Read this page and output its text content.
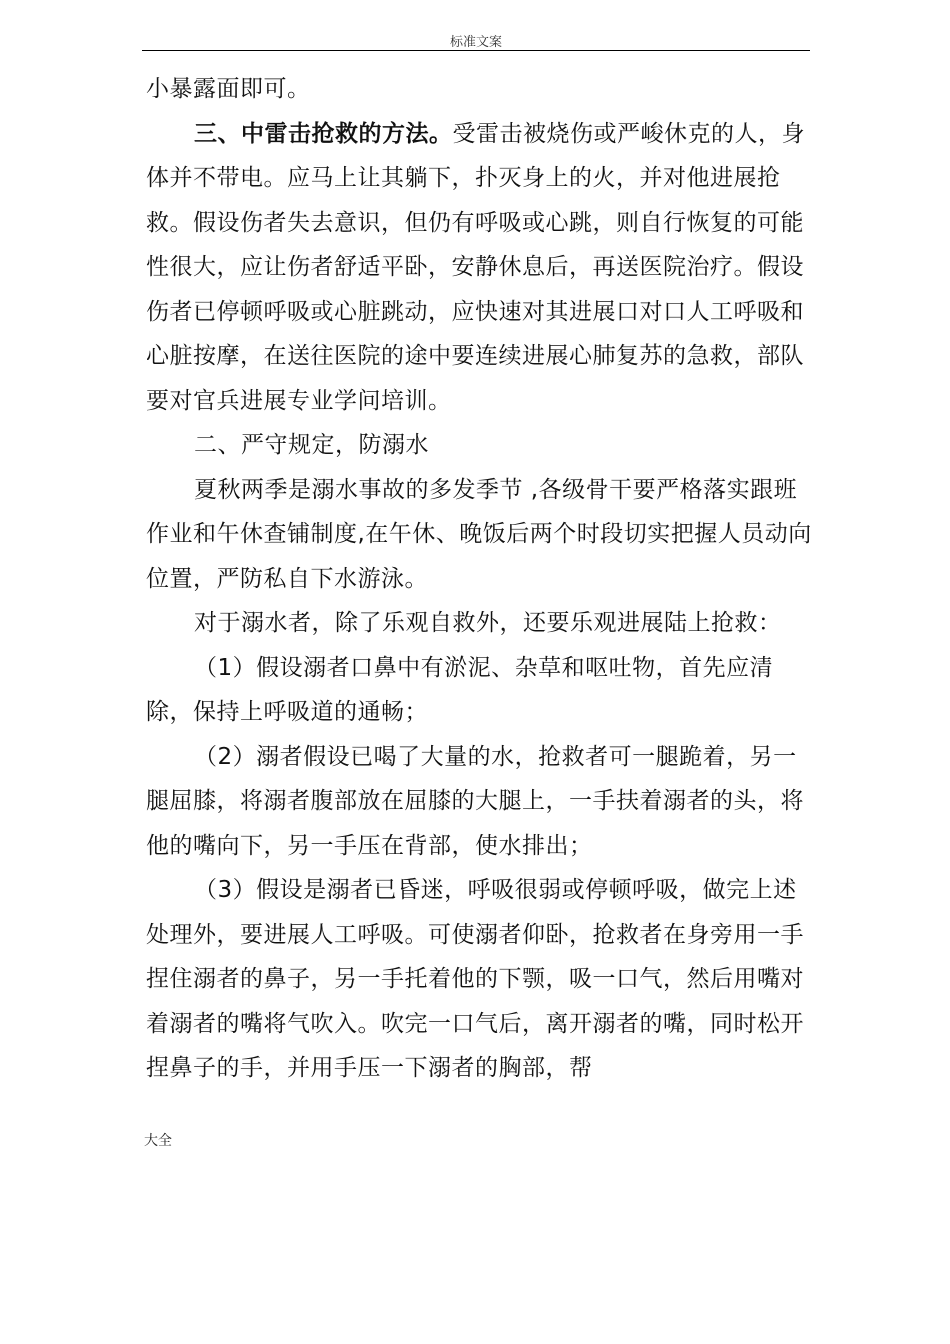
标准文案

小暴露面即可。

三、中雷击抢救的方法。受雷击被烧伤或严峻休克的人，身体并不带电。应马上让其躺下，扑灭身上的火，并对他进展抢救。假设伤者失去意识，但仍有呼吸或心跳，则自行恢复的可能性很大，应让伤者舒适平卧，安静休息后，再送医院治疗。假设伤者已停顿呼吸或心脏跳动，应快速对其进展口对口人工呼吸和心脏按摩，在送往医院的途中要连续进展心肺复苏的急救，部队要对官兵进展专业学问培训。

二、严守规定，防溺水

夏秋两季是溺水事故的多发季节 ,各级骨干要严格落实跟班作业和午休查铺制度,在午休、晚饭后两个时段切实把握人员动向位置，严防私自下水游泳。

对于溺水者，除了乐观自救外，还要乐观进展陆上抢救：

（1）假设溺者口鼻中有淤泥、杂草和呕吐物，首先应清除，保持上呼吸道的通畅；

（2）溺者假设已喝了大量的水，抢救者可一腿跪着，另一腿屈膝，将溺者腹部放在屈膝的大腿上，一手扶着溺者的头，将他的嘴向下，另一手压在背部，使水排出；

（3）假设是溺者已昏迷，呼吸很弱或停顿呼吸，做完上述处理外，要进展人工呼吸。可使溺者仰卧，抢救者在身旁用一手捏住溺者的鼻子，另一手托着他的下颚，吸一口气，然后用嘴对着溺者的嘴将气吹入。吹完一口气后，离开溺者的嘴，同时松开捏鼻子的手，并用手压一下溺者的胸部，帮

大全
